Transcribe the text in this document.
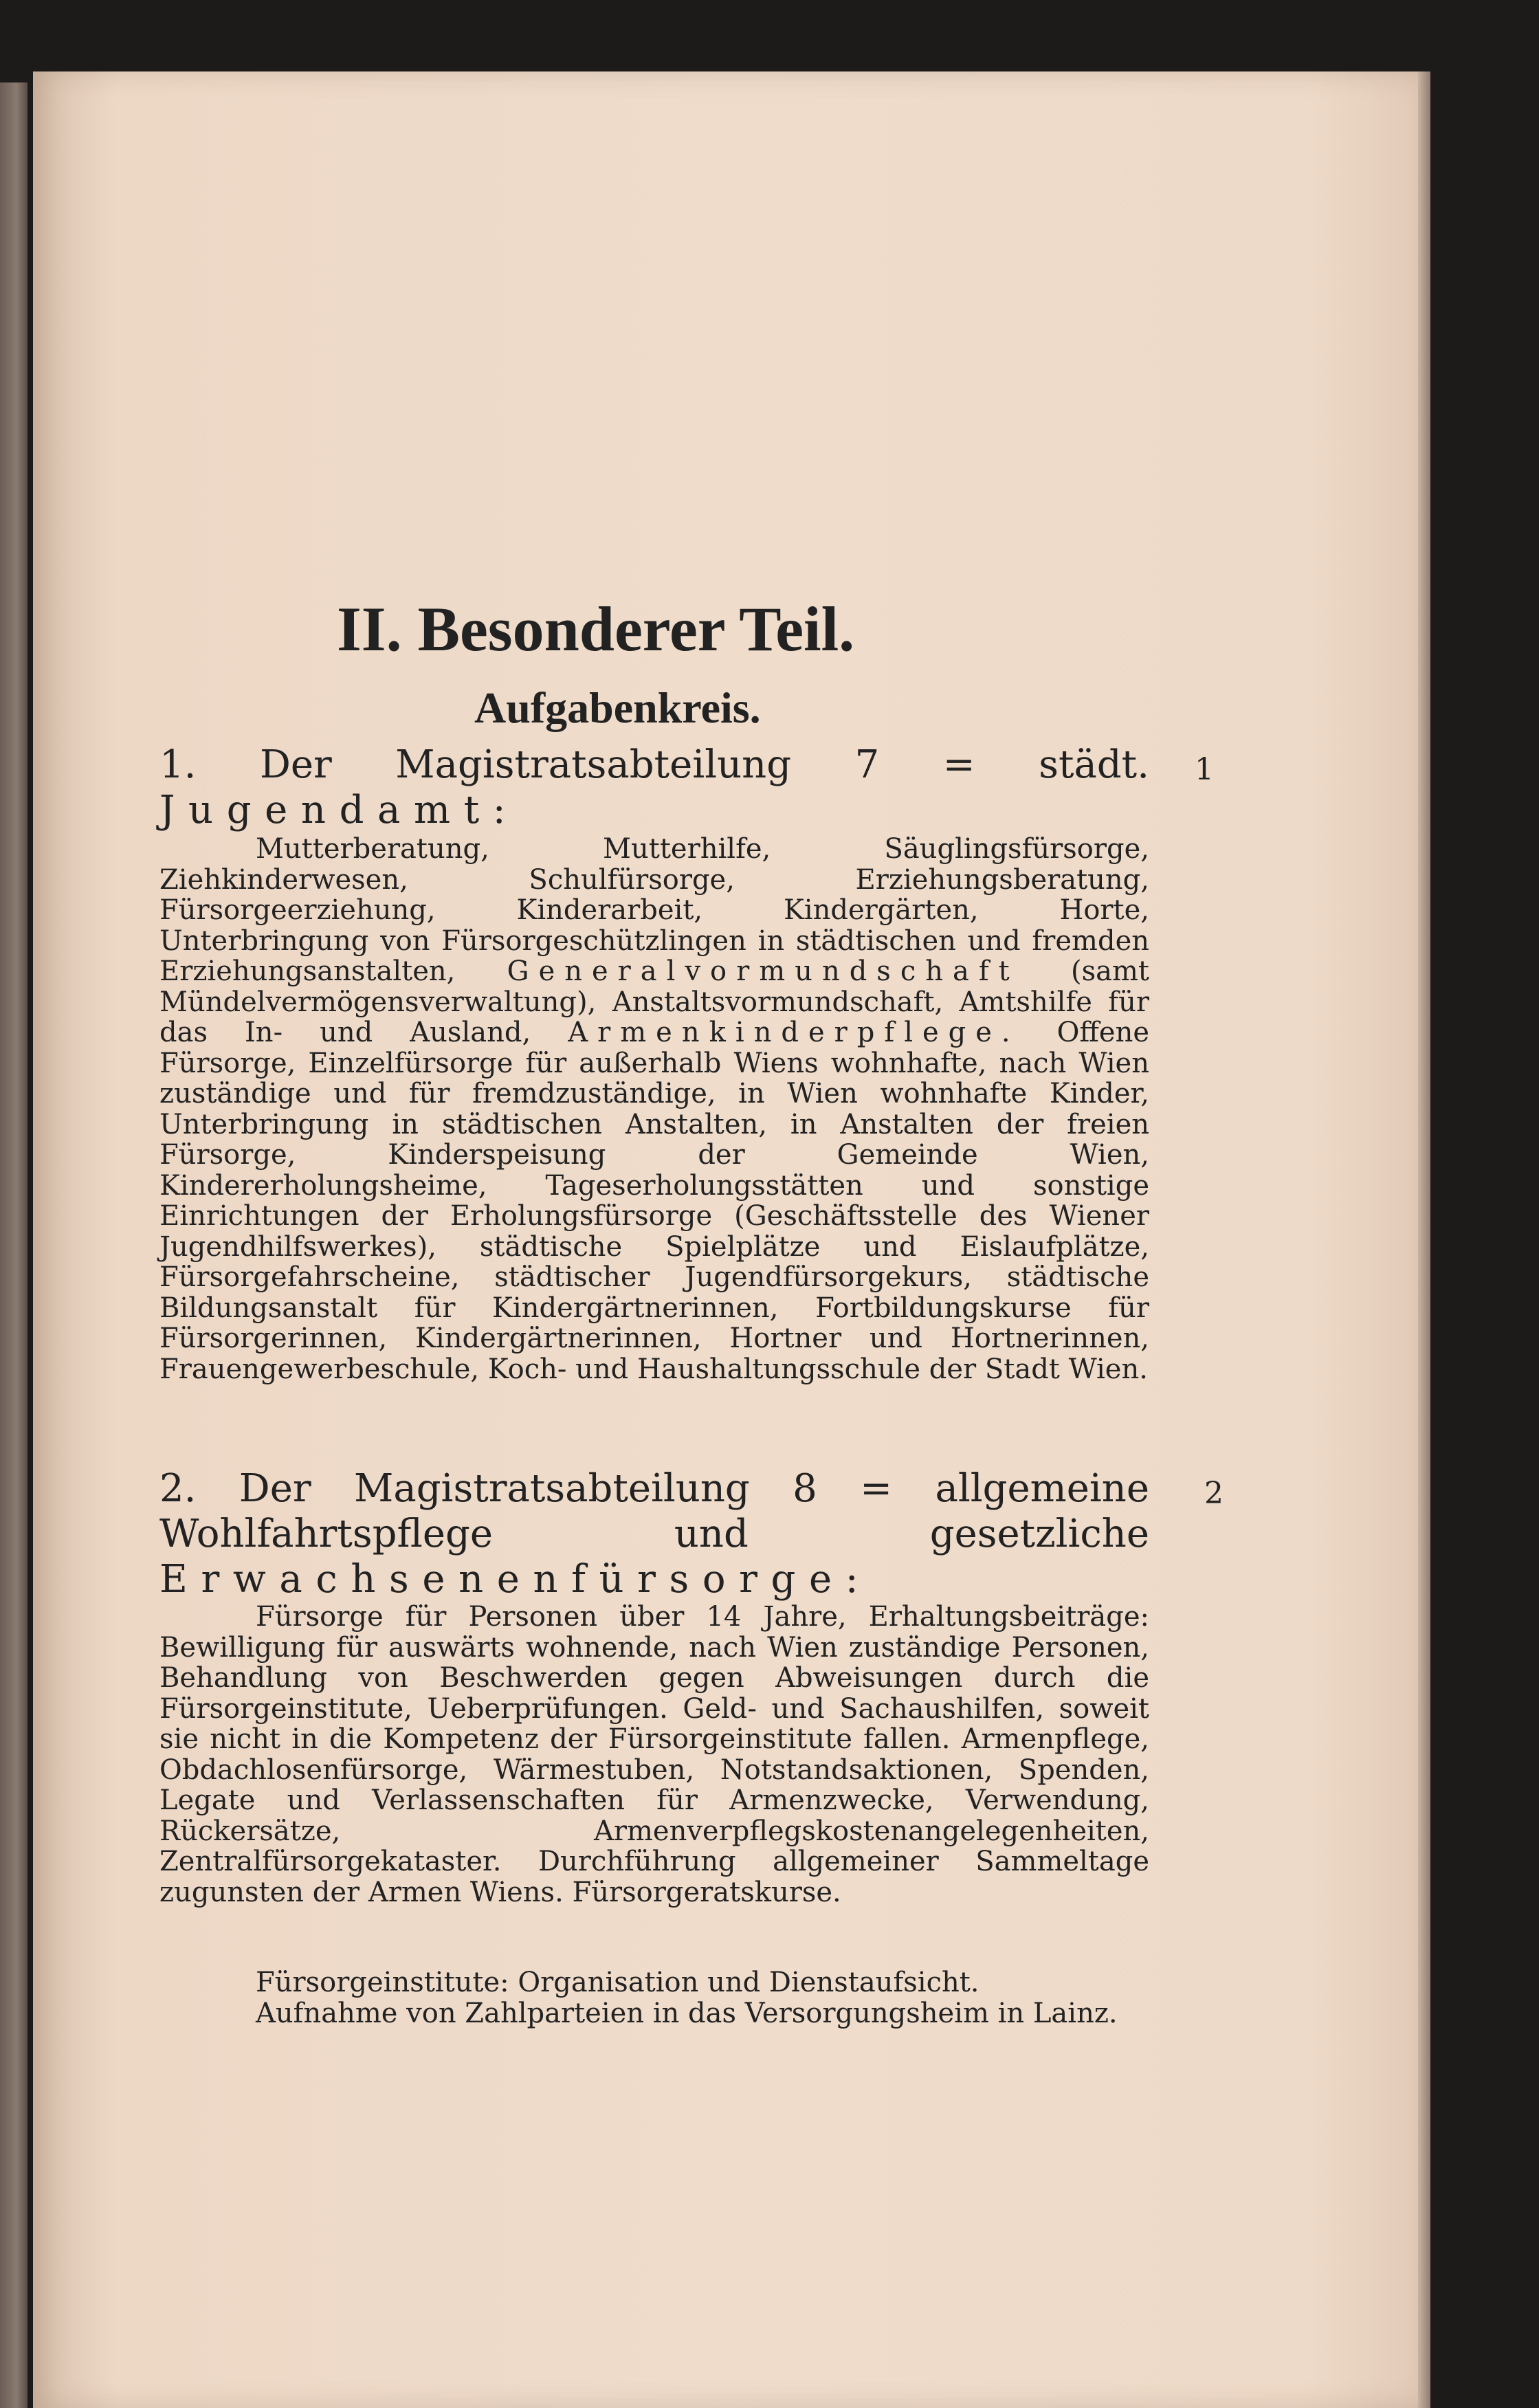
II. Besonderer Teil.
Aufgabenkreis.
1
1. Der Magistratsabteilung 7 = städt. Jugendamt:
Mutterberatung, Mutterhilfe, Säuglingsfürsorge, Ziehkinderwesen, Schulfürsorge, Erziehungsberatung, Fürsorgeerziehung, Kinderarbeit, Kindergärten, Horte, Unterbringung von Fürsorgeschützlingen in städtischen und fremden Erziehungsanstalten, Generalvormundschaft (samt Mündelvermögensverwaltung), Anstaltsvormundschaft, Amtshilfe für das In- und Ausland, Armenkinderpflege. Offene Fürsorge, Einzelfürsorge für außerhalb Wiens wohnhafte, nach Wien zuständige und für fremdzuständige, in Wien wohnhafte Kinder, Unterbringung in städtischen Anstalten, in Anstalten der freien Fürsorge, Kinderspeisung der Gemeinde Wien, Kindererholungsheime, Tageserholungsstätten und sonstige Einrichtungen der Erholungsfürsorge (Geschäftsstelle des Wiener Jugendhilfswerkes), städtische Spielplätze und Eislaufplätze, Fürsorgefahrscheine, städtischer Jugendfürsorgekurs, städtische Bildungsanstalt für Kindergärtnerinnen, Fortbildungskurse für Fürsorgerinnen, Kindergärtnerinnen, Hortner und Hortnerinnen, Frauengewerbeschule, Koch- und Haushaltungsschule der Stadt Wien.
2
2. Der Magistratsabteilung 8 = allgemeine Wohlfahrtspflege und gesetzliche Erwachsenenfürsorge:
Fürsorge für Personen über 14 Jahre, Erhaltungsbeiträge: Bewilligung für auswärts wohnende, nach Wien zuständige Personen, Behandlung von Beschwerden gegen Abweisungen durch die Fürsorgeinstitute, Ueberprüfungen. Geld- und Sachaushilfen, soweit sie nicht in die Kompetenz der Fürsorgeinstitute fallen. Armenpflege, Obdachlosenfürsorge, Wärmestuben, Notstandsaktionen, Spenden, Legate und Verlassenschaften für Armenzwecke, Verwendung, Rückersätze, Armenverpflegskostenangelegenheiten, Zentralfürsorgekataster. Durchführung allgemeiner Sammeltage zugunsten der Armen Wiens. Fürsorgeratskurse.
Fürsorgeinstitute: Organisation und Dienstaufsicht.
Aufnahme von Zahlparteien in das Versorgungsheim in Lainz.
